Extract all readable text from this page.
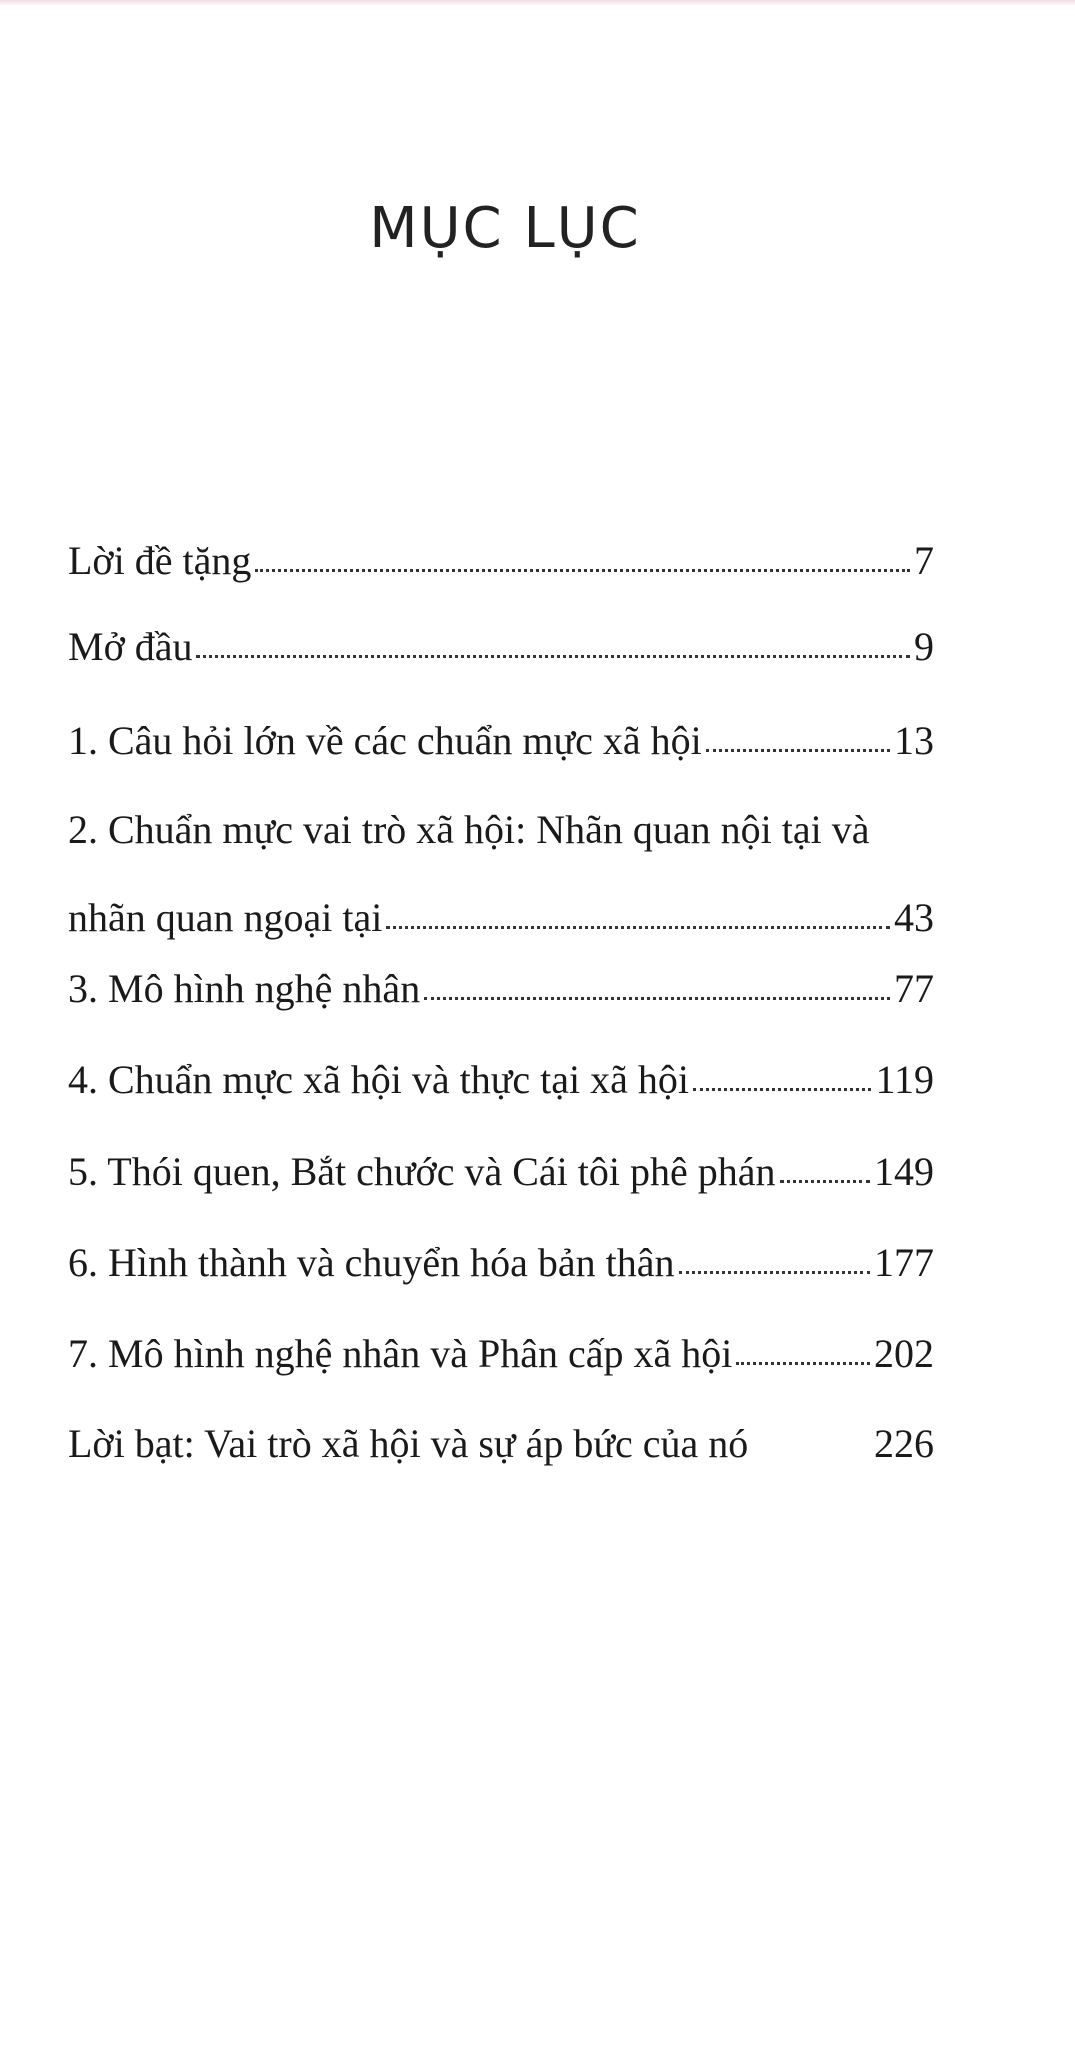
MỤC LỤC
Lời đề tặng	7
Mở đầu	9
1. Câu hỏi lớn về các chuẩn mực xã hội	13
2. Chuẩn mực vai trò xã hội: Nhãn quan nội tại và
nhãn quan ngoại tại	43
3. Mô hình nghệ nhân	77
4. Chuẩn mực xã hội và thực tại xã hội	119
5. Thói quen, Bắt chước và Cái tôi phê phán 149
6. Hình thành và chuyển hóa bản thân	177
7. Mô hình nghệ nhân và Phân cấp xã hội	202
Lời bạt: Vai trò xã hội và sự áp bức của nó	226
